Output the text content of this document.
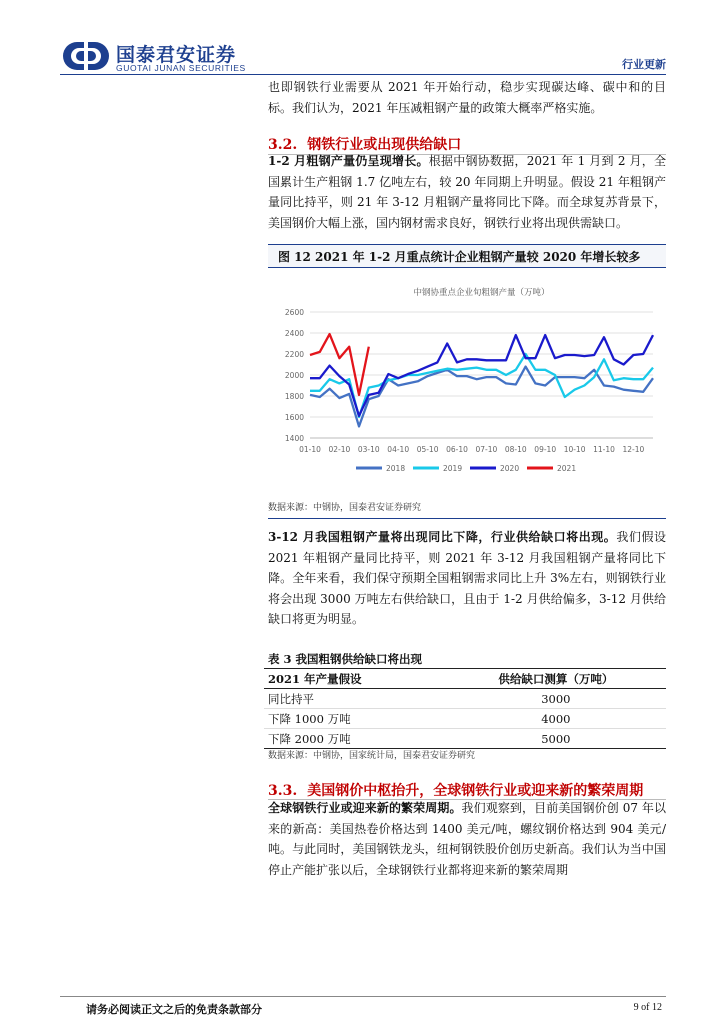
国泰君安证券
GUOTAI JUNAN SECURITIES	行业更新
也即钢铁行业需要从 2021 年开始行动，稳步实现碳达峰、碳中和的目标。我们认为，2021 年压减粗钢产量的政策大概率严格实施。
3.2. 钢铁行业或出现供给缺口
1-2 月粗钢产量仍呈现增长。根据中钢协数据，2021 年 1 月到 2 月，全国累计生产粗钢 1.7 亿吨左右，较 20 年同期上升明显。假设 21 年粗钢产量同比持平，则 21 年 3-12 月粗钢产量将同比下降。而全球复苏背景下，美国钢价大幅上涨，国内钢材需求良好，钢铁行业将出现供需缺口。
图 12 2021 年 1-2 月重点统计企业粗钢产量较 2020 年增长较多
中钢协重点企业旬粗钢产量（万吨）
2600
2400
2200
2000
1800
1600
1400
01-10 02-10 03-10 04-10 05-10 06-10 07-10 08-10 09-10 10-10 11-10 12-10
2018	2019	2020	2021
数据来源：中钢协，国泰君安证券研究
3-12 月我国粗钢产量将出现同比下降，行业供给缺口将出现。我们假设 2021 年粗钢产量同比持平，则 2021 年 3-12 月我国粗钢产量将同比下降。全年来看，我们保守预期全国粗钢需求同比上升 3%左右，则钢铁行业将会出现 3000 万吨左右供给缺口，且由于 1-2 月供给偏多，3-12 月供给缺口将更为明显。
表 3 我国粗钢供给缺口将出现
2021 年产量假设	供给缺口测算（万吨）
同比持平	3000
下降 1000 万吨	4000
下降 2000 万吨	5000
数据来源：中钢协，国家统计局，国泰君安证券研究
3.3. 美国钢价中枢抬升，全球钢铁行业或迎来新的繁荣周期
全球钢铁行业或迎来新的繁荣周期。我们观察到，目前美国钢价创 07 年以来的新高：美国热卷价格达到 1400 美元/吨，螺纹钢价格达到 904 美元/吨。与此同时，美国钢铁龙头，纽柯钢铁股价创历史新高。我们认为当中国停止产能扩张以后，全球钢铁行业都将迎来新的繁荣周期
请务必阅读正文之后的免责条款部分	9 of 12
